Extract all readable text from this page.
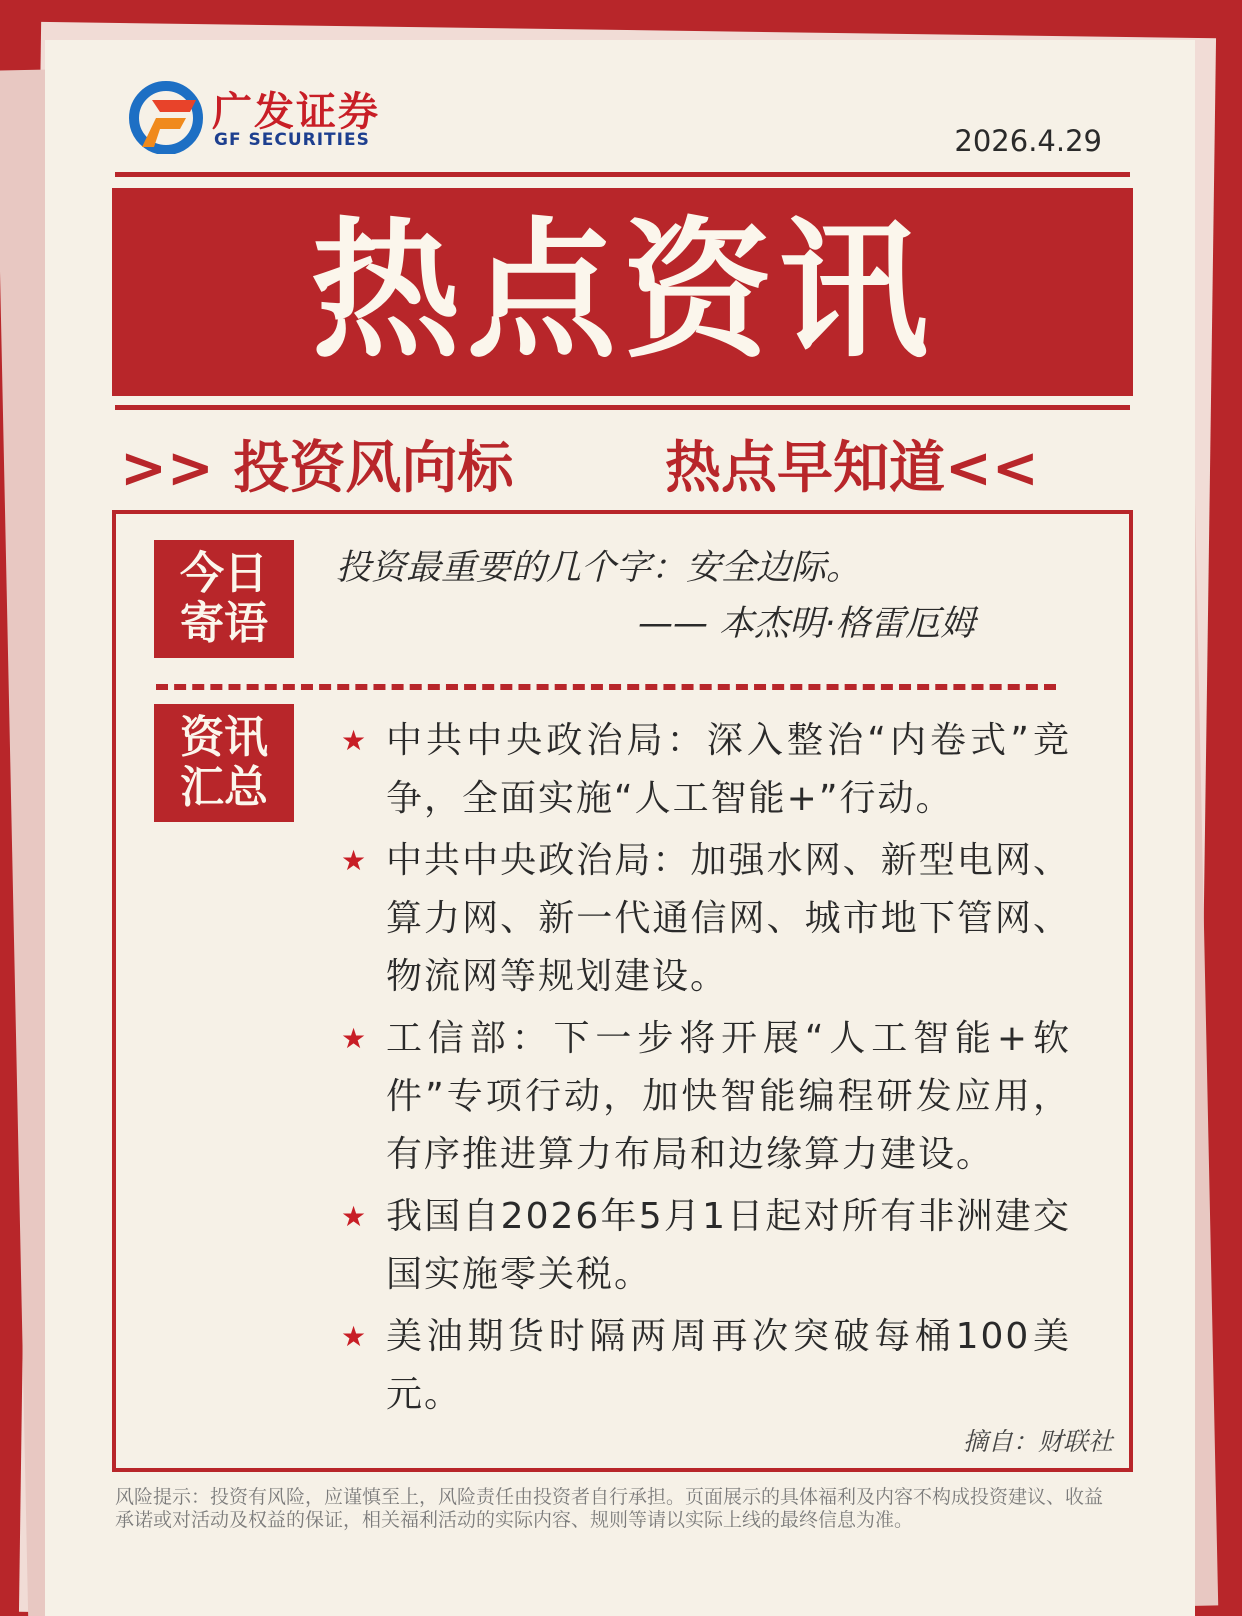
广发证券
GF SECURITIES	2026.4.29
热点资讯
>> 投资风向标	热点早知道<<
今日
寄语
投资最重要的几个字：安全边际。
—— 本杰明·格雷厄姆
资讯
汇总
★ 中共中央政治局：深入整治“内卷式”竞争，全面实施“人工智能+”行动。
★ 中共中央政治局：加强水网、新型电网、算力网、新一代通信网、城市地下管网、物流网等规划建设。
★ 工信部：下一步将开展“人工智能+软件”专项行动，加快智能编程研发应用，有序推进算力布局和边缘算力建设。
★ 我国自2026年5月1日起对所有非洲建交国实施零关税。
★ 美油期货时隔两周再次突破每桶100美元。
摘自：财联社
风险提示：投资有风险，应谨慎至上，风险责任由投资者自行承担。页面展示的具体福利及内容不构成投资建议、收益承诺或对活动及权益的保证，相关福利活动的实际内容、规则等请以实际上线的最终信息为准。
